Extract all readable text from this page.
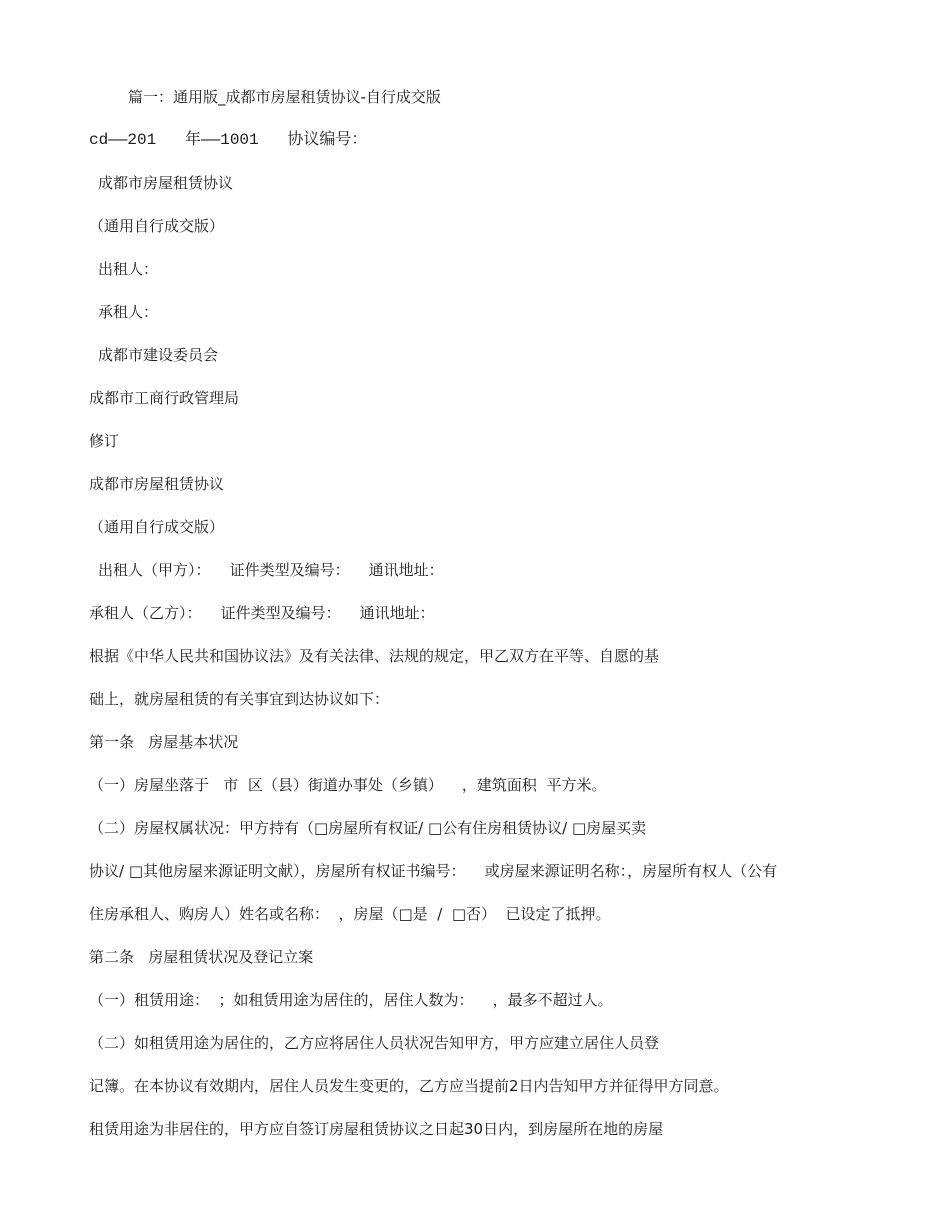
篇一：通用版_成都市房屋租赁协议-自行成交版
cd——201   年——1001   协议编号：
成都市房屋租赁协议
（通用自行成交版）
出租人：
承租人：
成都市建设委员会
成都市工商行政管理局
修订
成都市房屋租赁协议
（通用自行成交版）
出租人（甲方）：    证件类型及编号：    通讯地址：
承租人（乙方）：    证件类型及编号：    通讯地址：
根据《中华人民共和国协议法》及有关法律、法规的规定，甲乙双方在平等、自愿的基
础上，就房屋租赁的有关事宜到达协议如下：
第一条   房屋基本状况
（一）房屋坐落于   市  区（县）街道办事处（乡镇）    ，建筑面积  平方米。
（二）房屋权属状况：甲方持有（□房屋所有权证/ □公有住房租赁协议/ □房屋买卖
协议/ □其他房屋来源证明文献），房屋所有权证书编号：    或房屋来源证明名称：，房屋所有权人（公有
住房承租人、购房人）姓名或名称：  ，房屋（□是  /  □否）  已设定了抵押。
第二条   房屋租赁状况及登记立案
（一）租赁用途：  ；如租赁用途为居住的，居住人数为：    ，最多不超过人。
（二）如租赁用途为居住的，乙方应将居住人员状况告知甲方，甲方应建立居住人员登
记簿。在本协议有效期内，居住人员发生变更的，乙方应当提前2日内告知甲方并征得甲方同意。
租赁用途为非居住的，甲方应自签订房屋租赁协议之日起30日内，到房屋所在地的房屋
